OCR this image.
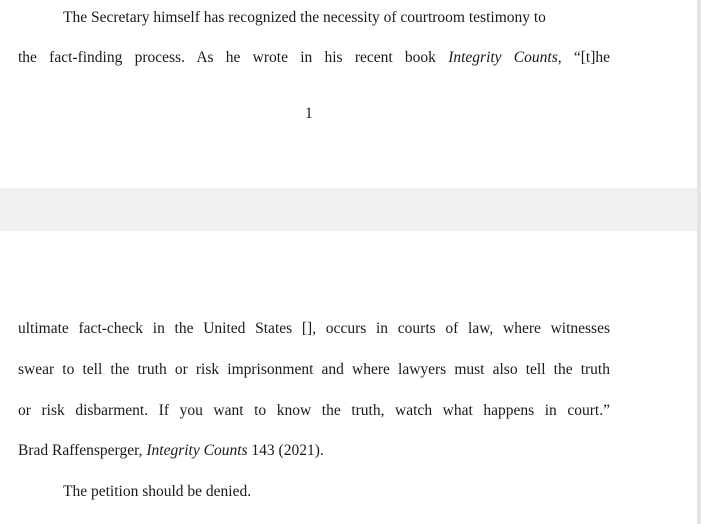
The Secretary himself has recognized the necessity of courtroom testimony to
the fact-finding process. As he wrote in his recent book Integrity Counts, “[t]he
1
ultimate fact-check in the United States [], occurs in courts of law, where witnesses
swear to tell the truth or risk imprisonment and where lawyers must also tell the truth
or risk disbarment. If you want to know the truth, watch what happens in court.”
Brad Raffensperger, Integrity Counts 143 (2021).
The petition should be denied.
